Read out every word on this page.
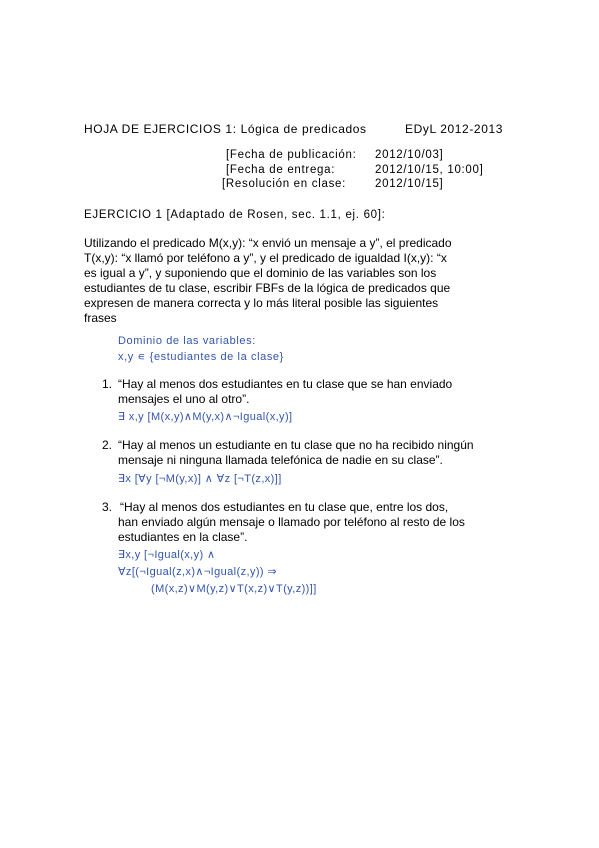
HOJA DE EJERCICIOS 1: Lógica de predicados	EDyL 2012-2013
[Fecha de publicación: 2012/10/03]
[Fecha de entrega:	2012/10/15, 10:00]
[Resolución en clase:	2012/10/15]
EJERCICIO 1 [Adaptado de Rosen, sec. 1.1, ej. 60]:
Utilizando el predicado M(x,y): “x envió un mensaje a y”, el predicado
T(x,y): “x llamó por teléfono a y”, y el predicado de igualdad I(x,y): “x
es igual a y”, y suponiendo que el dominio de las variables son los
estudiantes de tu clase, escribir FBFs de la lógica de predicados que
expresen de manera correcta y lo más literal posible las siguientes
frases
Dominio de las variables:
x,y ∊ {estudiantes de la clase}
1. “Hay al menos dos estudiantes en tu clase que se han enviado
mensajes el uno al otro”.
∃ x,y [M(x,y)∧M(y,x)∧¬Igual(x,y)]
2. “Hay al menos un estudiante en tu clase que no ha recibido ningún
mensaje ni ninguna llamada telefónica de nadie en su clase”.
∃x [∀y [¬M(y,x)] ∧ ∀z [¬T(z,x)]]
3. “Hay al menos dos estudiantes en tu clase que, entre los dos,
han enviado algún mensaje o llamado por teléfono al resto de los
estudiantes en la clase”.
∃x,y [¬Igual(x,y) ∧
∀z[(¬Igual(z,x)∧¬Igual(z,y)) ⇒
(M(x,z)∨M(y,z)∨T(x,z)∨T(y,z))]]
